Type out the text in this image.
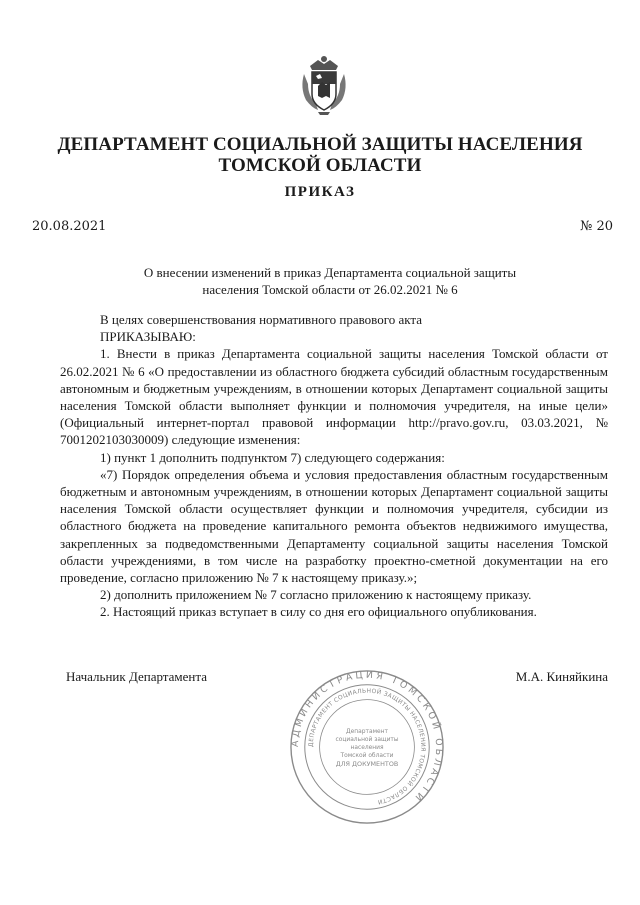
ДЕПАРТАМЕНТ СОЦИАЛЬНОЙ ЗАЩИТЫ НАСЕЛЕНИЯ
ТОМСКОЙ ОБЛАСТИ
ПРИКАЗ
20.08.2021	№ 20
О внесении изменений в приказ Департамента социальной защиты
населения Томской области от 26.02.2021 № 6

В целях совершенствования нормативного правового акта

ПРИКАЗЫВАЮ:

1. Внести в приказ Департамента социальной защиты населения Томской области от 26.02.2021 № 6 «О предоставлении из областного бюджета субсидий областным государственным автономным и бюджетным учреждениям, в отношении которых Департамент социальной защиты населения Томской области выполняет функции и полномочия учредителя, на иные цели» (Официальный интернет-портал правовой информации http://pravo.gov.ru, 03.03.2021, № 7001202103030009) следующие изменения:

1) пункт 1 дополнить подпунктом 7) следующего содержания:

«7) Порядок определения объема и условия предоставления областным государственным бюджетным и автономным учреждениям, в отношении которых Департамент социальной защиты населения Томской области осуществляет функции и полномочия учредителя, субсидии из областного бюджета на проведение капитального ремонта объектов недвижимого имущества, закрепленных за подведомственными Департаменту социальной защиты населения Томской области учреждениями, в том числе на разработку проектно-сметной документации на его проведение, согласно приложению № 7 к настоящему приказу.»;

2) дополнить приложением № 7 согласно приложению к настоящему приказу.

2. Настоящий приказ вступает в силу со дня его официального опубликования.

Начальник Департамента	М.А. Киняйкина
АДМИНИСТРАЦИЯ ТОМСКОЙ ОБЛАСТИ
ДЕПАРТАМЕНТ СОЦИАЛЬНОЙ ЗАЩИТЫ НАСЕЛЕНИЯ ТОМСКОЙ ОБЛАСТИ
Департамент
социальной защиты
населения
Томской области
ДЛЯ ДОКУМЕНТОВ
